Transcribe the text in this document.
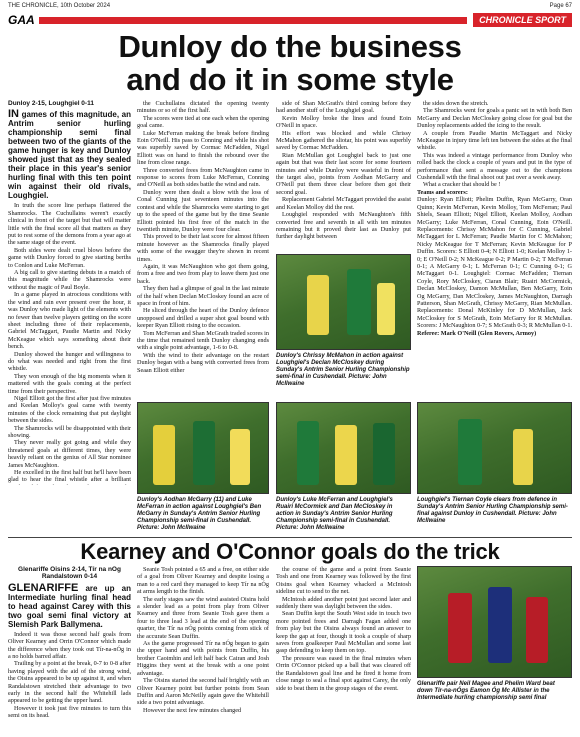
THE CHRONICLE, 10th October 2024	Page 67
GAA	CHRONICLE SPORT
Dunloy do the business
and do it in some style
Dunloy 2-15, Loughgiel 0-11
IN games of this magnitude, an Antrim senior hurling championship semi final between two of the giants of the game hunger is key and Dunloy showed just that as they sealed their place in this year's senior hurling final with this ten point win against their old rivals, Loughgiel.

In truth the score line perhaps flattered the Shamrocks. The Cuchullains weren't exactly clinical in front of the target but that will matter little with the final score all that matters as they put to rest some of the demons from a year ago at the same stage of the event.

Both sides were dealt cruel blows before the game with Dunloy forced to give starting berths to Conlon and Luke McFerran.

A big call to give starting debuts in a match of this magnitude while the Shamrocks were without the magic of Paul Boyle.

In a game played in atrocious conditions with the wind and rain ever present over the hour, it was Dunloy who made light of the elements with no fewer than twelve players getting on the score sheet including three of their replacements, Gabriel McTaggart, Paudie Martin and Nicky McKeague which says something about their bench.

Dunloy showed the hunger and willingness to do what was needed and right from the first whistle.

They won enough of the big moments when it mattered with the goals coming at the perfect time from their perspective.

Nigel Elliott got the first after just five minutes and Keelan Molloy's goal came with twenty minutes of the clock remaining that put daylight between the sides.

The Shamrocks will be disappointed with their showing.

They never really got going and while they threatened goals at different times, they were heavily reliant on the genius of All Star nominee James McNaughton.

He excelled in the first half but he'll have been glad to hear the final whistle after a brilliant

the Cuchullains dictated the opening twenty minutes or so of the first half.

The scores were tied at one each when the opening goal came.

Luke McFerran making the break before finding Eoin O'Neill. His pass to Conning and while his shot was superbly saved by Cormac McFadden, Nigel Elliott was on hand to finish the rebound over the line from close range.

Three converted frees from McNaughton came in response to scores from Luke McFerran, Conning and O'Neill as both sides battle the wind and rain.

Dunloy were then dealt a blow with the loss of Conal Cunning just seventeen minutes into the contest and while the Shamrocks were starting to get up to the speed of the game but by the time Seanie Elliott pointed his first free of the match in the twentieth minute, Dunloy were four clear.

This proved to be their last score for almost fifteen minute however as the Shamrocks finally played with some of the swagger they're shown in recent times.

Again, it was McNaughton who got them going, from a free and two from play to leave them just one back.

They then had a glimpse of goal in the last minute of the half when Declan McCloskey found an acre of space in front of him.

He sliced through the heart of the Dunloy defence unopposed and drilled a super shot goal bound with keeper Ryan Elliott rising to the occasion.

Tom McFerran and Shan McGrath traded scores in the time that remained tenth Dunloy changing ends with a single point advantage, 1-6 to 0-8.

With the wind to their advantage on the restart Dunloy began with a bang with converted frees from Seaan Elliott either

side of Shan McGrath's third coming before they had another stuff of the Loughgiel goal.

Kevin Molloy broke the lines and found Eoin O'Neill in space.

His effort was blocked and while Chrissy McMahon gathered the sliotar, his point was superbly saved by Cormac McFadden.

Rian McMullan got Loughgiel back to just one again but that was their last score for some fourteen minutes and while Dunloy were wasteful in front of the target also, points from Aodhan McGarry and O'Neill put them three clear before then got their second goal.

Replacement Gabriel McTaggart provided the assist and Keelan Molloy did the rest.

Loughgiel responded with McNaughton's fifth converted free and seventh in all with ten minutes remaining but it proved their last as Dunloy put further daylight between

the sides down the stretch.

The Shamrocks went for goals a panic set in with both Ben McGarry and Declan McCloskey going close for goal but the Dunloy replacements added the icing to the result.

A couple from Paudie Martin McTaggart and Nicky McKeague in injury time left ten between the sides at the final whistle.

This was indeed a vintage performance from Dunloy who rolled back the clock a couple of years and put in the type of performance that sent a message out to the champions Cushendall with the final shoot out just over a week away.

What a cracker that should be !

Teams and scorers:

Dunloy: Ryan Elliott; Phelim Duffin, Ryan McGarry, Oran Quinn; Kevin McFerran, Kevin Molloy, Tom McFerran; Paul Shiels, Seaan Elliott; Nigel Elliott, Keelan Molloy, Aodhan McGarry; Luke McFerran, Conal Cunning, Eoin O'Neill. Replacements: Chrissy McMahon for C Cunning, Gabriel McTaggart for L McFerran; Paudie Martin for C McMahon; Nicky McKeague for T McFerran; Kevin McKeague for P Duffin. Scorers: S Elliott 0-4; N Elliott 1-0; Keelan Molloy 1-0; E O'Neill 0-2; N McKeague 0-2; P Martin 0-2; T McFerran 0-1; A McGarry 0-1; L McFerran 0-1; C Cunning 0-1; G McTaggart 0-1. Loughgiel: Cormac McFadden; Tiernan Coyle, Rory McCloskey, Ciaran Blair; Ruairi McCormick, Declan McCloskey, Damon McMullan, Ben McGarry, Eoin Og McGarry, Dan McCloskey, James McNaughton, Darragh Patterson, Shan McGrath, Chrissy McGarry, Rian McMullan. Replacements: Donal McKinley for D McMullan, Jack McCloskey for S McGrath, Eoin McGarry for R McMullan. Scorers: J McNaughton 0-7; S McGrath 0-3; R McMullan 0-1.

Referee: Mark O'Neill (Glen Rovers, Armoy)

Dunloy's Chrissy McMahon in action against Loughgiel's Declan McCloskey during Sunday's Antrim Senior Hurling Championship semi-final in Cushendall. Picture: John McIlwaine
Dunloy's Aodhan McGarry (11) and Luke McFerran in action against Loughgiel's Ben McGarry in Sunday's Antrim Senior Hurling Championship semi-final in Cushendall. Picture: John McIlwaine
Dunloy's Luke McFerran and Loughgiel's Ruairi McCormick and Dan McCloskey in action in Sunday's Antrim Senior Hurling Championship semi-final in Cushendall. Picture: John McIlwaine
Loughgiel's Tiernan Coyle clears from defence in Sunday's Antrim Senior Hurling Championship semi-final against Dunloy in Cushendall. Picture: John McIlwaine
Kearney and O'Connor goals do the trick
Glenariffe Oisins 2-14, Tír na nÓg
Randalstown 0-14
GLENARIFFE are up an Intermediate hurling final head to head against Carey with this two goal semi final victory at Slemish Park Ballymena.

Indeed it was those second half goals from Oliver Kearney and Orrin O'Connor which made the difference when they took out Tír-na-nÓg in a no holds barred affair.

Trailing by a point at the break, 0-7 to 0-8 after having played with the aid of the strong wind, the Oisins appeared to be up against it, and when Randalstown stretched their advantage to two early in the second half the Whitehill lads appeared to be getting the upper hand.

However it took just five minutes to turn this semi on its head.

Seanie Tosh pointed a 65 and a free, on either side of a goal from Oliver Kearney and despite losing a man to a red card they managed to keep Tír na nÓg at arms length to the finish.

The early stages saw the wind assisted Oisins hold a slender lead as a point from play from Oliver Kearney and three from Seanie Tosh gave them a four to three lead 3 lead at the end of the opening quarter, the Tír na nÓg points coming from stick of the accurate Sean Duffin.

As the game progressed Tír na nÓg began to gain the upper hand and with points from Duffin, his brother Caoimhin and left half back Cairan and Josh Higgins they went at the break with a one point advantage.

The Oisins started the second half brightly with an Oliver Kearney point but further points from Sean Duffin and Aaron McNeilly again gave the Whitehill side a two point advantage.

However the next few minutes changed

the course of the game and a point from Seanie Tosh and one from Kearney was followed by the first Oisins goal when Kearney whacked a McIntosh sideline cut to send to the net.

McIntosh added another point just second later and suddenly there was daylight between the sides.

Sean Duffin kept the South West side in touch two more pointed frees and Darragh Fagan added one from play but the Oisins always found an answer to keep the gap at four, though it took a couple of sharp saves from goalkeeper Paul McMullan and some last gasp defending to keep them on top.

The pressure was eased in the final minutes when Orrin O'Connor picked up a ball that was cleared off the Randalstown goal line and he fired it home from close range to seal a final spot against Carey, the only side to beat them in the group stages of the event.

Glenariffe pair Neil Magee and Phelim Ward beat down Tír-na-nÓgs Eamon Óg Mc Allister in the Intermediate hurling championship semi final
